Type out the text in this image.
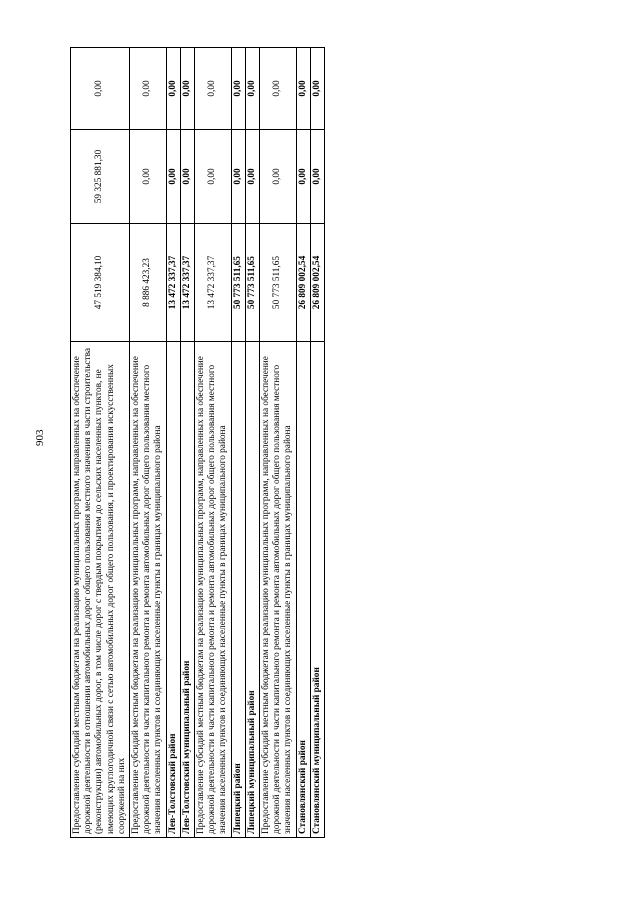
903	Предоставление субсидий местным бюджетам на реализацию муниципальных программ, направленных на обеспечение дорожной деятельности в отношении автомобильных дорог общего пользования местного значения в части строительства (реконструкции) автомобильных дорог, в том числе дорог с твердым покрытием до сельских населенных пунктов, не имеющих круглогодичной связи с сетью автомобильных дорог общего пользования, и проектирования искусственных сооружений на них	47 519 384,10	59 325 881,30	0,00
Предоставление субсидий местным бюджетам на реализацию муниципальных программ, направленных на обеспечение дорожной деятельности в части капитального ремонта и ремонта автомобильных дорог общего пользования местного значения населенных пунктов и соединяющих населенные пункты в границах муниципального района	8 886 423,23	0,00	0,00
Лев-Толстовский район	13 472 337,37	0,00	0,00
Лев-Толстовский муниципальный район	13 472 337,37	0,00	0,00
Предоставление субсидий местным бюджетам на реализацию муниципальных программ, направленных на обеспечение дорожной деятельности в части капитального ремонта и ремонта автомобильных дорог общего пользования местного значения населенных пунктов и соединяющих населенные пункты в границах муниципального района	13 472 337,37	0,00	0,00
Липецкий район	50 773 511,65	0,00	0,00
Липецкий муниципальный район	50 773 511,65	0,00	0,00
Предоставление субсидий местным бюджетам на реализацию муниципальных программ, направленных на обеспечение дорожной деятельности в части капитального ремонта и ремонта автомобильных дорог общего пользования местного значения населенных пунктов и соединяющих населенные пункты в границах муниципального района	50 773 511,65	0,00	0,00
Становлянский район	26 809 002,54	0,00	0,00
Становлянский муниципальный район	26 809 002,54	0,00	0,00
